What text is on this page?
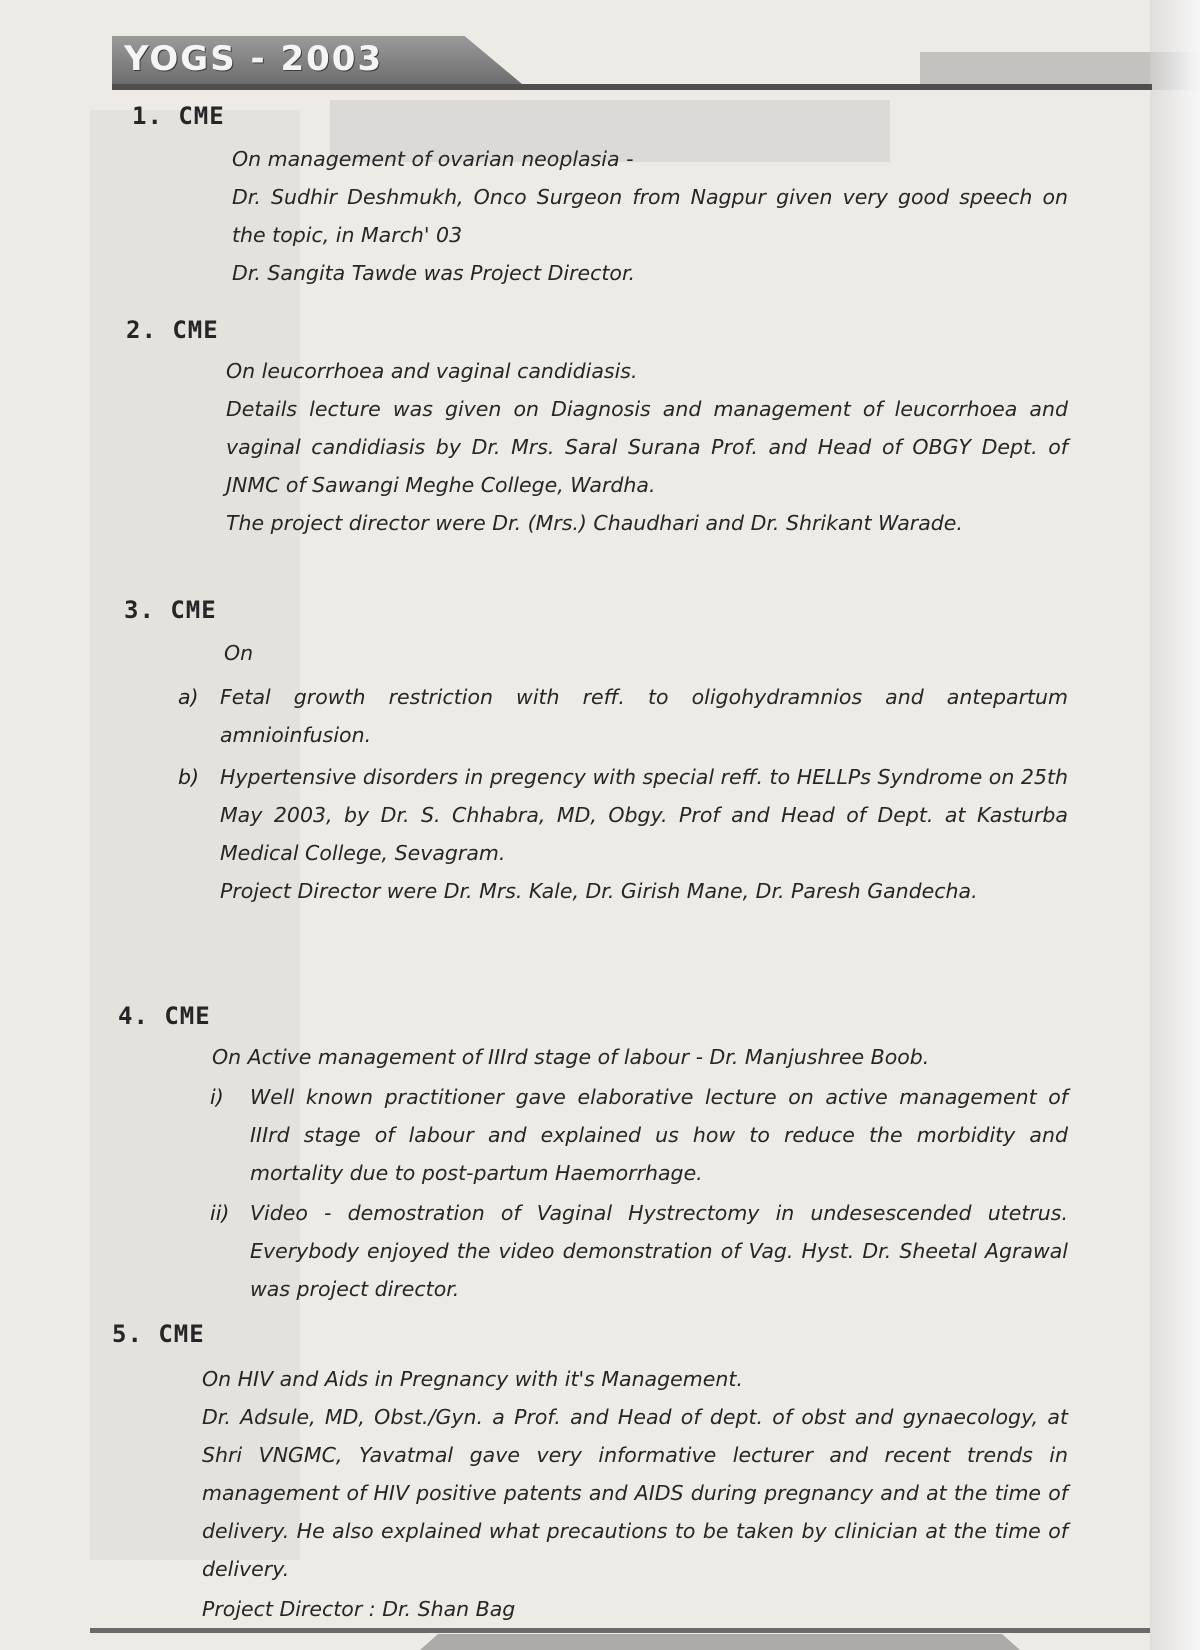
YOGS - 2003

1. CME

On management of ovarian neoplasia -

Dr. Sudhir Deshmukh, Onco Surgeon from Nagpur given very good speech on the topic, in March' 03

Dr. Sangita Tawde was Project Director.

2. CME

On leucorrhoea and vaginal candidiasis.

Details lecture was given on Diagnosis and management of leucorrhoea and vaginal candidiasis by Dr. Mrs. Saral Surana Prof. and Head of OBGY Dept. of JNMC of Sawangi Meghe College, Wardha.

The project director were Dr. (Mrs.) Chaudhari and Dr. Shrikant Warade.

3. CME

On

a)	Fetal growth restriction with reff. to oligohydramnios and antepartum amnioinfusion.

b)	Hypertensive disorders in pregency with special reff. to HELLPs Syndrome on 25th May 2003, by Dr. S. Chhabra, MD, Obgy. Prof and Head of Dept. at Kasturba Medical College, Sevagram.

Project Director were Dr. Mrs. Kale, Dr. Girish Mane, Dr. Paresh Gandecha.

4. CME

On Active management of IIIrd stage of labour - Dr. Manjushree Boob.

i)	Well known practitioner gave elaborative lecture on active management of IIIrd stage of labour and explained us how to reduce the morbidity and mortality due to post-partum Haemorrhage.

ii)	Video - demostration of Vaginal Hystrectomy in undesescended utetrus. Everybody enjoyed the video demonstration of Vag. Hyst. Dr. Sheetal Agrawal was project director.

5. CME

On HIV and Aids in Pregnancy with it's Management.

Dr. Adsule, MD, Obst./Gyn. a Prof. and Head of dept. of obst and gynaecology, at Shri VNGMC, Yavatmal gave very informative lecturer and recent trends in management of HIV positive patents and AIDS during pregnancy and at the time of delivery. He also explained what precautions to be taken by clinician at the time of delivery.

Project Director : Dr. Shan Bag
